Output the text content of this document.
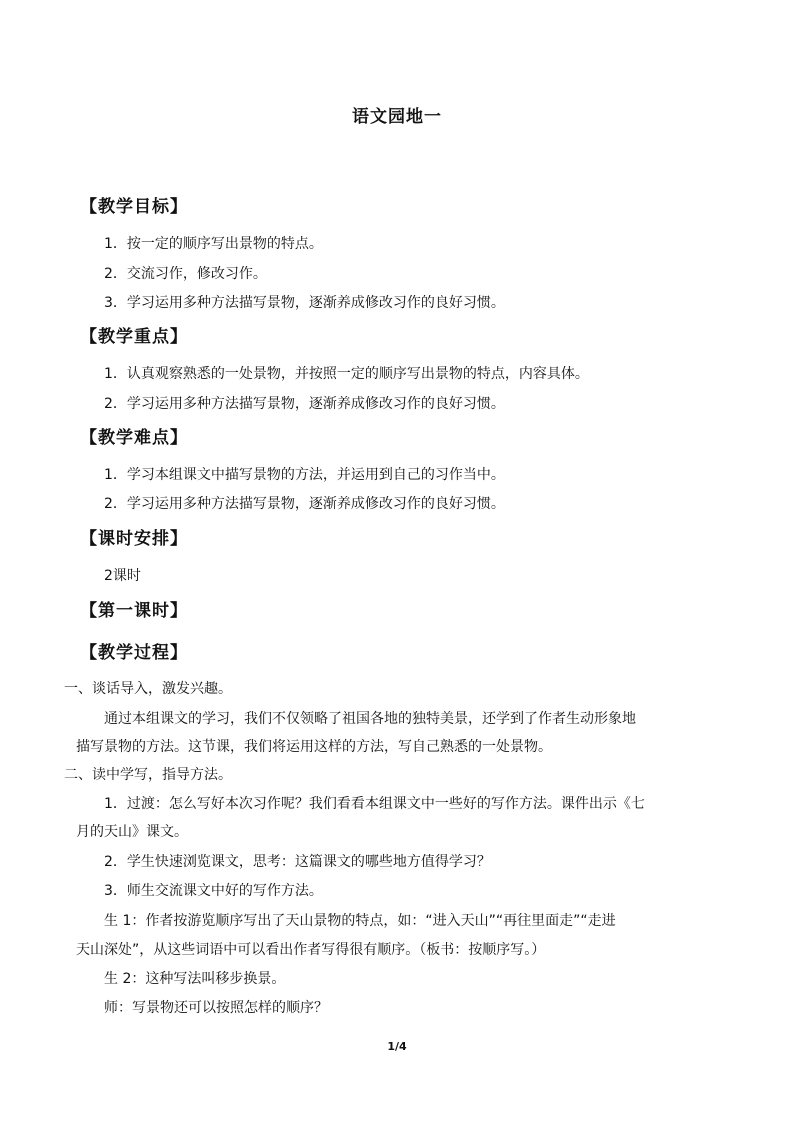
语文园地一
【教学目标】
1．按一定的顺序写出景物的特点。
2．交流习作，修改习作。
3．学习运用多种方法描写景物，逐渐养成修改习作的良好习惯。
【教学重点】
1．认真观察熟悉的一处景物，并按照一定的顺序写出景物的特点，内容具体。
2．学习运用多种方法描写景物，逐渐养成修改习作的良好习惯。
【教学难点】
1．学习本组课文中描写景物的方法，并运用到自己的习作当中。
2．学习运用多种方法描写景物，逐渐养成修改习作的良好习惯。
【课时安排】
2课时
【第一课时】
【教学过程】
一、谈话导入，激发兴趣。
通过本组课文的学习，我们不仅领略了祖国各地的独特美景，还学到了作者生动形象地
描写景物的方法。这节课，我们将运用这样的方法，写自己熟悉的一处景物。
二、读中学写，指导方法。
1．过渡：怎么写好本次习作呢？我们看看本组课文中一些好的写作方法。课件出示《七
月的天山》课文。
2．学生快速浏览课文，思考：这篇课文的哪些地方值得学习？
3．师生交流课文中好的写作方法。
生 1：作者按游览顺序写出了天山景物的特点，如：“进入天山”“再往里面走”“走进
天山深处”，从这些词语中可以看出作者写得很有顺序。（板书：按顺序写。）
生 2：这种写法叫移步换景。
师：写景物还可以按照怎样的顺序？
1/4
